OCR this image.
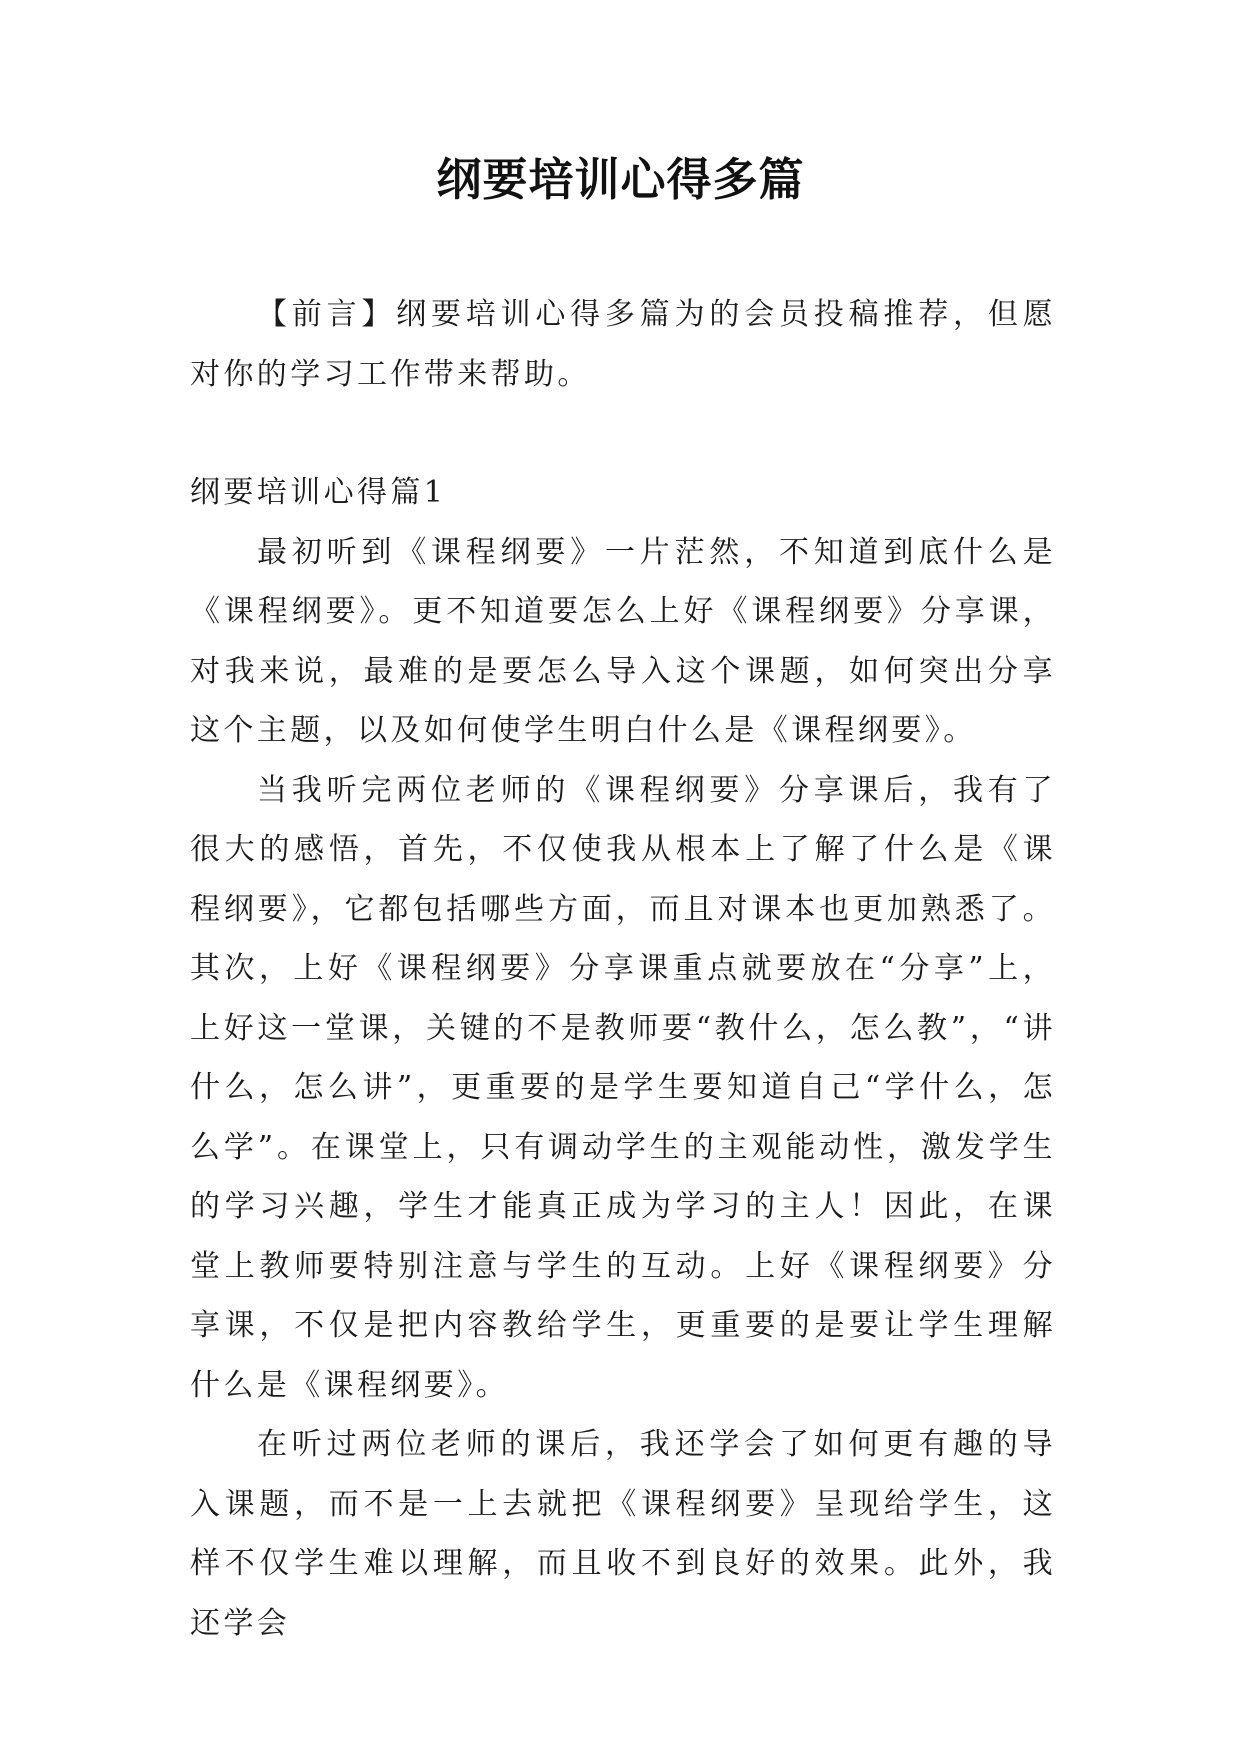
纲要培训心得多篇

【前言】纲要培训心得多篇为的会员投稿推荐，但愿对你的学习工作带来帮助。

纲要培训心得篇1

最初听到《课程纲要》一片茫然，不知道到底什么是《课程纲要》。更不知道要怎么上好《课程纲要》分享课，对我来说，最难的是要怎么导入这个课题，如何突出分享这个主题，以及如何使学生明白什么是《课程纲要》。

当我听完两位老师的《课程纲要》分享课后，我有了很大的感悟，首先，不仅使我从根本上了解了什么是《课程纲要》，它都包括哪些方面，而且对课本也更加熟悉了。其次，上好《课程纲要》分享课重点就要放在“分享”上，上好这一堂课，关键的不是教师要“教什么，怎么教”，“讲什么，怎么讲”，更重要的是学生要知道自己“学什么，怎么学”。在课堂上，只有调动学生的主观能动性，激发学生的学习兴趣，学生才能真正成为学习的主人！因此，在课堂上教师要特别注意与学生的互动。上好《课程纲要》分享课，不仅是把内容教给学生，更重要的是要让学生理解什么是《课程纲要》。

在听过两位老师的课后，我还学会了如何更有趣的导入课题，而不是一上去就把《课程纲要》呈现给学生，这样不仅学生难以理解，而且收不到良好的效果。此外，我还学会
